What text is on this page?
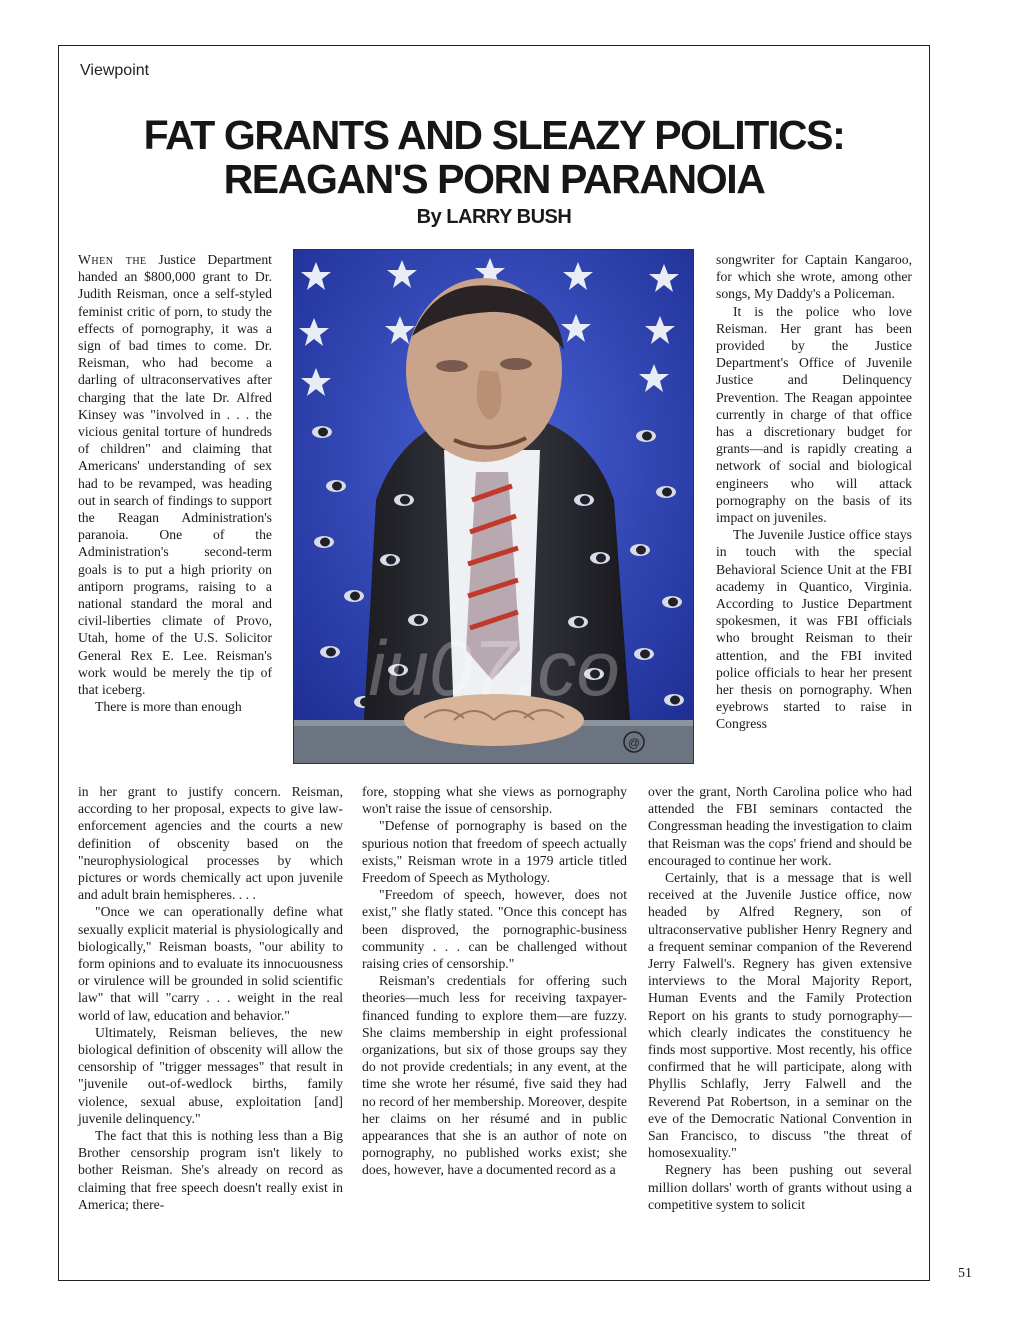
Viewpoint
FAT GRANTS AND SLEAZY POLITICS:
REAGAN'S PORN PARANOIA
By LARRY BUSH

When the Justice Department handed an $800,000 grant to Dr. Judith Reisman, once a self-styled feminist critic of porn, to study the effects of pornography, it was a sign of bad times to come. Dr. Reisman, who had become a darling of ultraconservatives after charging that the late Dr. Alfred Kinsey was "involved in . . . the vicious genital torture of hundreds of children" and claiming that Americans' understanding of sex had to be revamped, was heading out in search of findings to support the Reagan Administration's paranoia. One of the Administration's second-term goals is to put a high priority on antiporn programs, raising to a national standard the moral and civil-liberties climate of Provo, Utah, home of the U.S. Solicitor General Rex E. Lee. Reisman's work would be merely the tip of that iceberg.

There is more than enough

@
iu07.co

songwriter for Captain Kangaroo, for which she wrote, among other songs, My Daddy's a Policeman.

It is the police who love Reisman. Her grant has been provided by the Justice Department's Office of Juvenile Justice and Delinquency Prevention. The Reagan appointee currently in charge of that office has a discretionary budget for grants—and is rapidly creating a network of social and biological engineers who will attack pornography on the basis of its impact on juveniles.

The Juvenile Justice office stays in touch with the special Behavioral Science Unit at the FBI academy in Quantico, Virginia. According to Justice Department spokesmen, it was FBI officials who brought Reisman to their attention, and the FBI invited police officials to hear her present her thesis on pornography. When eyebrows started to raise in Congress

in her grant to justify concern. Reisman, according to her proposal, expects to give law-enforcement agencies and the courts a new definition of obscenity based on the "neurophysiological processes by which pictures or words chemically act upon juvenile and adult brain hemispheres. . . .

"Once we can operationally define what sexually explicit material is physiologically and biologically," Reisman boasts, "our ability to form opinions and to evaluate its innocuousness or virulence will be grounded in solid scientific law" that will "carry . . . weight in the real world of law, education and behavior."

Ultimately, Reisman believes, the new biological definition of obscenity will allow the censorship of "trigger messages" that result in "juvenile out-of-wedlock births, family violence, sexual abuse, exploitation [and] juvenile delinquency."

The fact that this is nothing less than a Big Brother censorship program isn't likely to bother Reisman. She's already on record as claiming that free speech doesn't really exist in America; there-

fore, stopping what she views as pornography won't raise the issue of censorship.

"Defense of pornography is based on the spurious notion that freedom of speech actually exists," Reisman wrote in a 1979 article titled Freedom of Speech as Mythology.

"Freedom of speech, however, does not exist," she flatly stated. "Once this concept has been disproved, the pornographic-business community . . . can be challenged without raising cries of censorship."

Reisman's credentials for offering such theories—much less for receiving taxpayer-financed funding to explore them—are fuzzy. She claims membership in eight professional organizations, but six of those groups say they do not provide credentials; in any event, at the time she wrote her résumé, five said they had no record of her membership. Moreover, despite her claims on her résumé and in public appearances that she is an author of note on pornography, no published works exist; she does, however, have a documented record as a

over the grant, North Carolina police who had attended the FBI seminars contacted the Congressman heading the investigation to claim that Reisman was the cops' friend and should be encouraged to continue her work.

Certainly, that is a message that is well received at the Juvenile Justice office, now headed by Alfred Regnery, son of ultraconservative publisher Henry Regnery and a frequent seminar companion of the Reverend Jerry Falwell's. Regnery has given extensive interviews to the Moral Majority Report, Human Events and the Family Protection Report on his grants to study pornography—which clearly indicates the constituency he finds most supportive. Most recently, his office confirmed that he will participate, along with Phyllis Schlafly, Jerry Falwell and the Reverend Pat Robertson, in a seminar on the eve of the Democratic National Convention in San Francisco, to discuss "the threat of homosexuality."

Regnery has been pushing out several million dollars' worth of grants without using a competitive system to solicit

51
